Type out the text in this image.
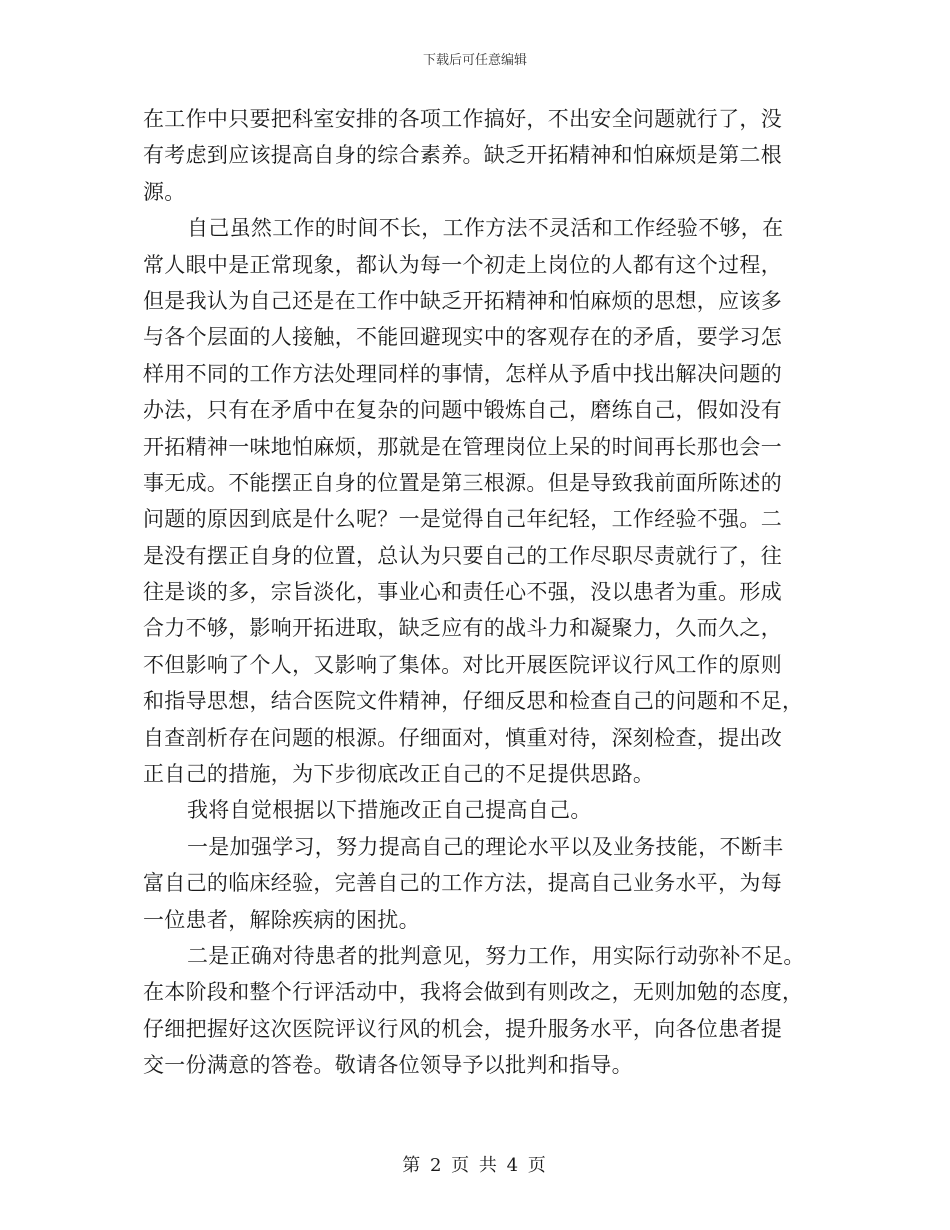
下载后可任意编辑
在工作中只要把科室安排的各项工作搞好，不出安全问题就行了，没
有考虑到应该提高自身的综合素养。缺乏开拓精神和怕麻烦是第二根
源。
自己虽然工作的时间不长，工作方法不灵活和工作经验不够，在
常人眼中是正常现象，都认为每一个初走上岗位的人都有这个过程，
但是我认为自己还是在工作中缺乏开拓精神和怕麻烦的思想，应该多
与各个层面的人接触，不能回避现实中的客观存在的矛盾，要学习怎
样用不同的工作方法处理同样的事情，怎样从予盾中找出解决问题的
办法，只有在矛盾中在复杂的问题中锻炼自己，磨练自己，假如没有
开拓精神一味地怕麻烦，那就是在管理岗位上呆的时间再长那也会一
事无成。不能摆正自身的位置是第三根源。但是导致我前面所陈述的
问题的原因到底是什么呢？一是觉得自己年纪轻，工作经验不强。二
是没有摆正自身的位置，总认为只要自己的工作尽职尽责就行了，往
往是谈的多，宗旨淡化，事业心和责任心不强，没以患者为重。形成
合力不够，影响开拓进取，缺乏应有的战斗力和凝聚力，久而久之，
不但影响了个人，又影响了集体。对比开展医院评议行风工作的原则
和指导思想，结合医院文件精神，仔细反思和检查自己的问题和不足，
自查剖析存在问题的根源。仔细面对，慎重对待，深刻检查，提出改
正自己的措施，为下步彻底改正自己的不足提供思路。
我将自觉根据以下措施改正自己提高自己。
一是加强学习，努力提高自己的理论水平以及业务技能，不断丰
富自己的临床经验，完善自己的工作方法，提高自己业务水平，为每
一位患者，解除疾病的困扰。
二是正确对待患者的批判意见，努力工作，用实际行动弥补不足。
在本阶段和整个行评活动中，我将会做到有则改之，无则加勉的态度，
仔细把握好这次医院评议行风的机会，提升服务水平，向各位患者提
交一份满意的答卷。敬请各位领导予以批判和指导。
第 2 页 共 4 页
